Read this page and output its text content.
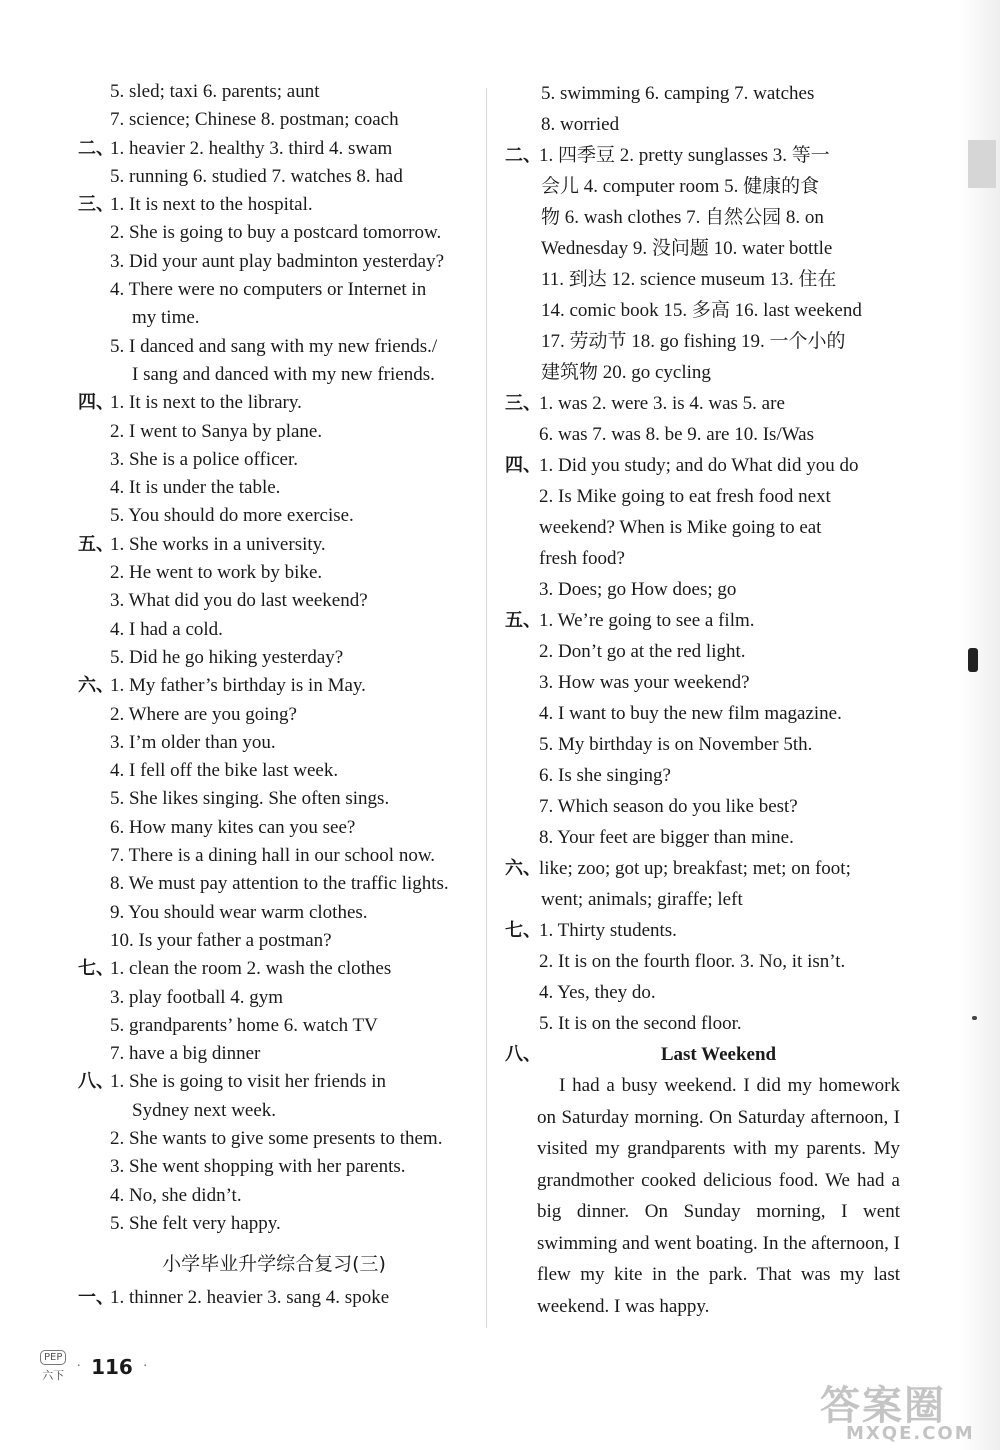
5. sled; taxi 6. parents; aunt
7. science; Chinese 8. postman; coach
二、
1. heavier 2. healthy 3. third 4. swam
5. running 6. studied 7. watches 8. had
三、
1. It is next to the hospital.
2. She is going to buy a postcard tomorrow.
3. Did your aunt play badminton yesterday?
4. There were no computers or Internet in
my time.
5. I danced and sang with my new friends./
I sang and danced with my new friends.
四、
1. It is next to the library.
2. I went to Sanya by plane.
3. She is a police officer.
4. It is under the table.
5. You should do more exercise.
五、
1. She works in a university.
2. He went to work by bike.
3. What did you do last weekend?
4. I had a cold.
5. Did he go hiking yesterday?
六、
1. My father’s birthday is in May.
2. Where are you going?
3. I’m older than you.
4. I fell off the bike last week.
5. She likes singing. She often sings.
6. How many kites can you see?
7. There is a dining hall in our school now.
8. We must pay attention to the traffic lights.
9. You should wear warm clothes.
10. Is your father a postman?
七、
1. clean the room 2. wash the clothes
3. play football 4. gym
5. grandparents’ home 6. watch TV
7. have a big dinner
八、
1. She is going to visit her friends in
Sydney next week.
2. She wants to give some presents to them.
3. She went shopping with her parents.
4. No, she didn’t.
5. She felt very happy.
小学毕业升学综合复习(三)
一、
1. thinner 2. heavier 3. sang 4. spoke
5. swimming 6. camping 7. watches
8. worried
二、
1. 四季豆 2. pretty sunglasses 3. 等一
会儿 4. computer room 5. 健康的食
物 6. wash clothes 7. 自然公园 8. on
Wednesday 9. 没问题 10. water bottle
11. 到达 12. science museum 13. 住在
14. comic book 15. 多高 16. last weekend
17. 劳动节 18. go fishing 19. 一个小的
建筑物 20. go cycling
三、
1. was 2. were 3. is 4. was 5. are
6. was 7. was 8. be 9. are 10. Is/Was
四、
1. Did you study; and do What did you do
2. Is Mike going to eat fresh food next
weekend? When is Mike going to eat
fresh food?
3. Does; go How does; go
五、
1. We’re going to see a film.
2. Don’t go at the red light.
3. How was your weekend?
4. I want to buy the new film magazine.
5. My birthday is on November 5th.
6. Is she singing?
7. Which season do you like best?
8. Your feet are bigger than mine.
六、
like; zoo; got up; breakfast; met; on foot;
went; animals; giraffe; left
七、
1. Thirty students.
2. It is on the fourth floor. 3. No, it isn’t.
4. Yes, they do.
5. It is on the second floor.
八、	Last Weekend

I had a busy weekend. I did my homework on Saturday morning. On Saturday afternoon, I visited my grandparents with my parents. My grandmother cooked delicious food. We had a big dinner. On Sunday morning, I went swimming and went boating. In the afternoon, I flew my kite in the park. That was my last weekend. I was happy.

PEP
六下
· 116 ·
答案圈
MXQE.COM
